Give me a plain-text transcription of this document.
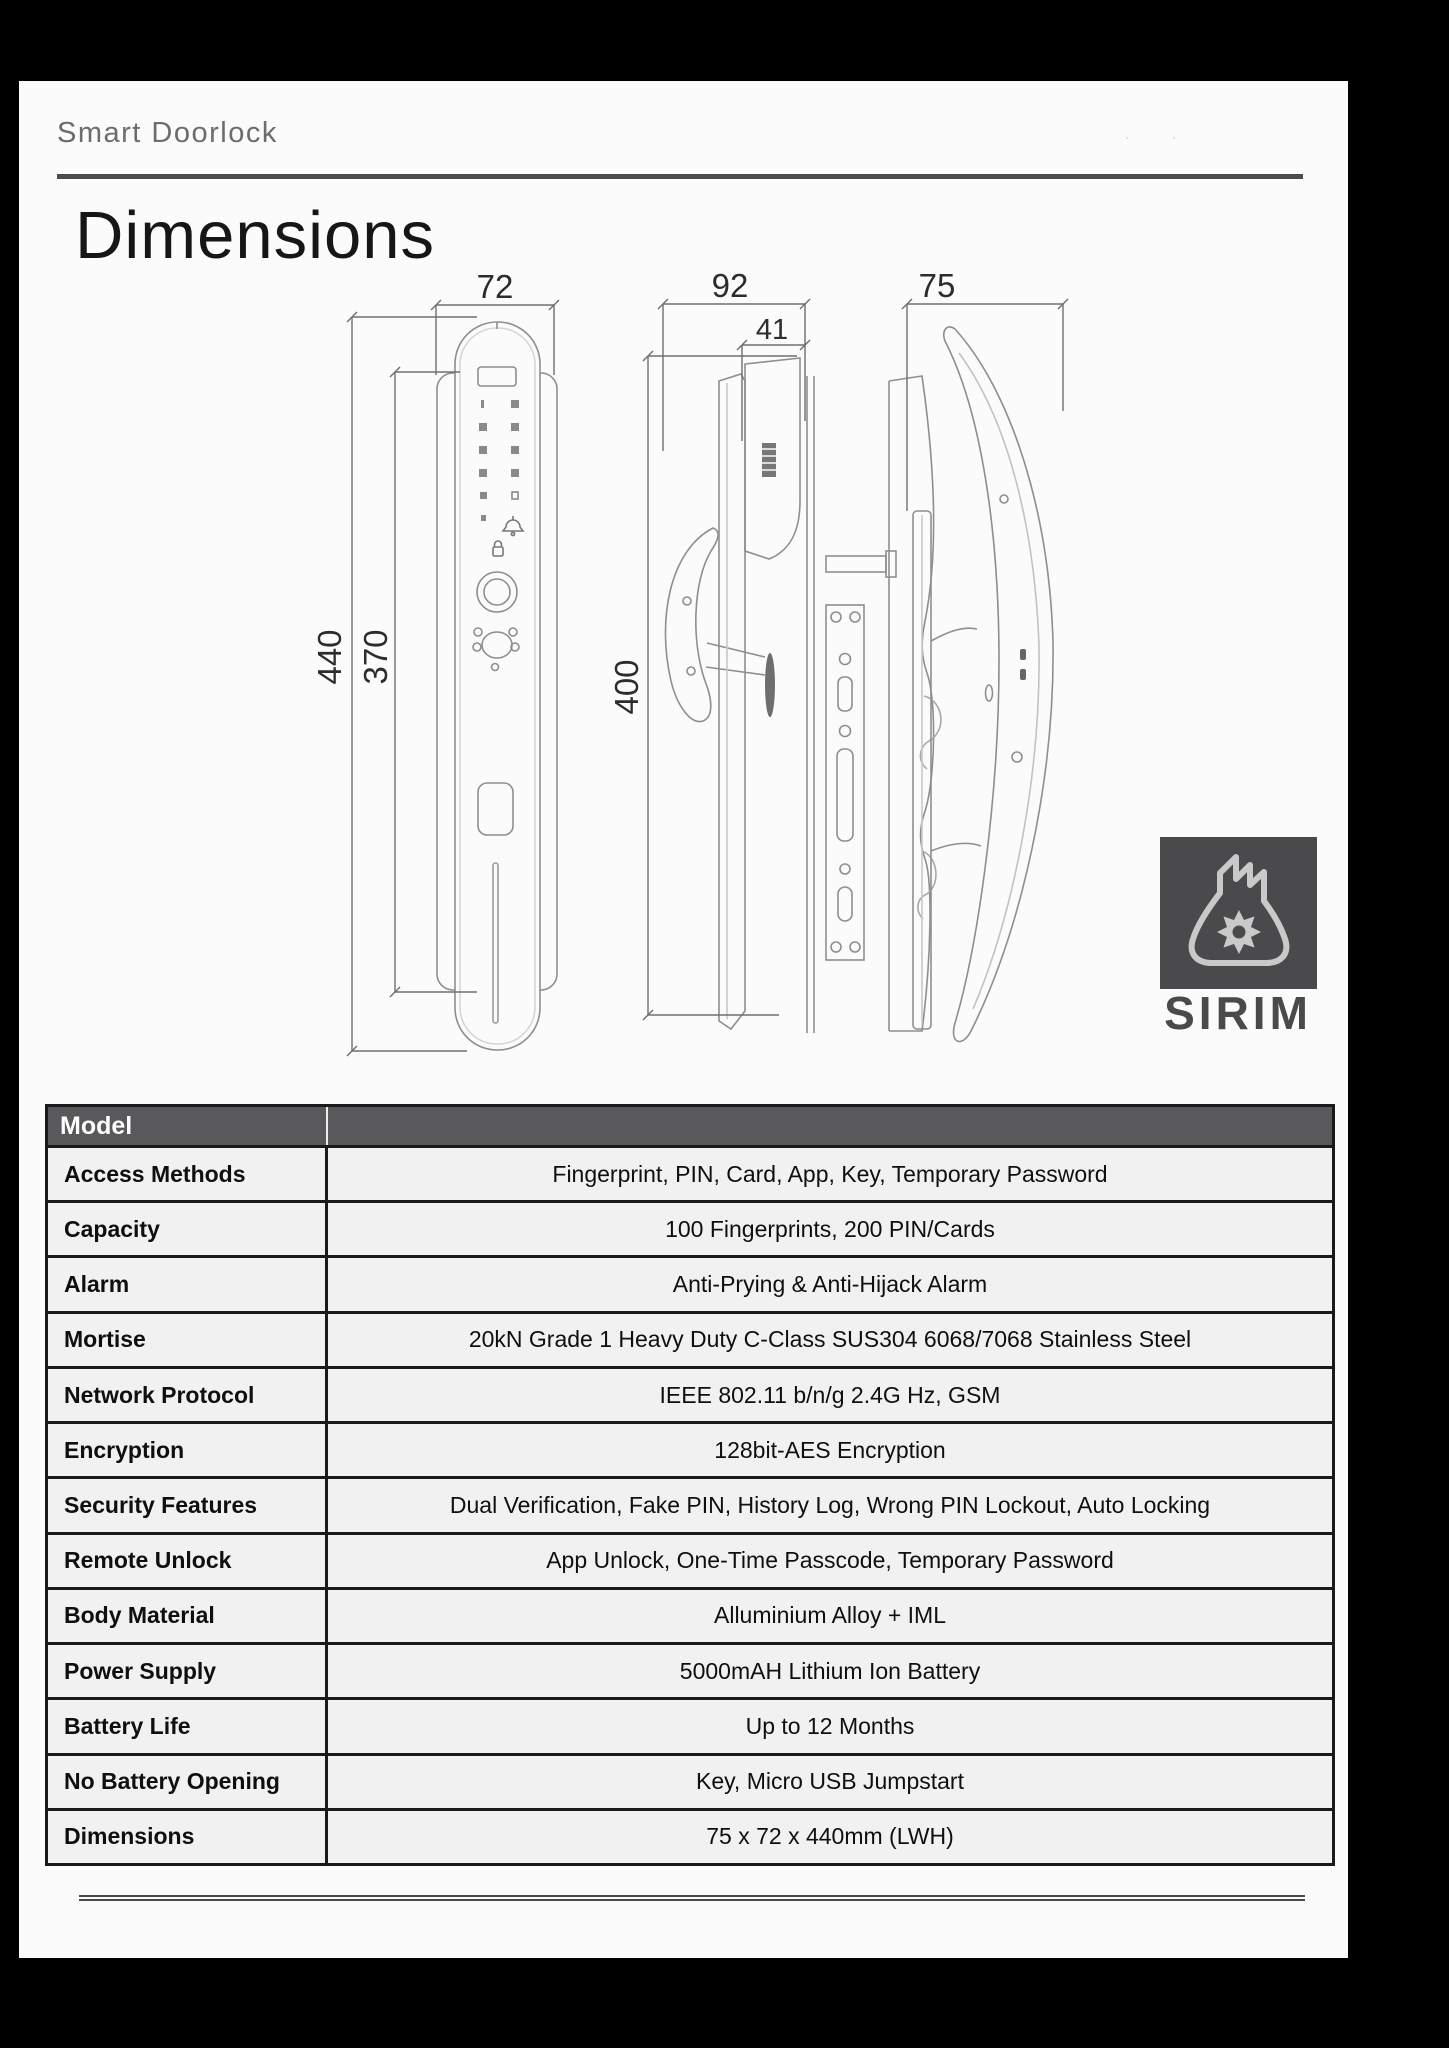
Smart Doorlock
Dimensions
· ·
72
440 370
92
41
400
75
SIRIM
Model
Access Methods	Fingerprint, PIN, Card, App, Key, Temporary Password
Capacity	100 Fingerprints, 200 PIN/Cards
Alarm	Anti-Prying & Anti-Hijack Alarm
Mortise	20kN Grade 1 Heavy Duty C-Class SUS304 6068/7068 Stainless Steel
Network Protocol	IEEE 802.11 b/n/g 2.4G Hz, GSM
Encryption	128bit-AES Encryption
Security Features	Dual Verification, Fake PIN, History Log, Wrong PIN Lockout, Auto Locking
Remote Unlock	App Unlock, One-Time Passcode, Temporary Password
Body Material	Alluminium Alloy + IML
Power Supply	5000mAH Lithium Ion Battery
Battery Life	Up to 12 Months
No Battery Opening	Key, Micro USB Jumpstart
Dimensions	75 x 72 x 440mm (LWH)
